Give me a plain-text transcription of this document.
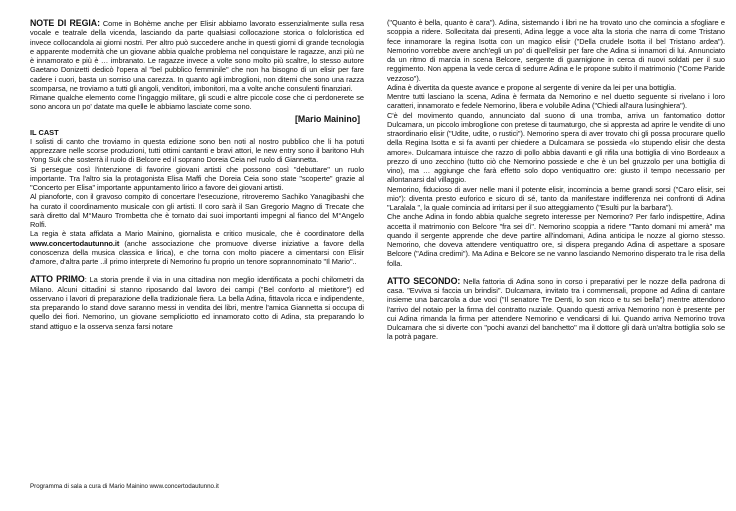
NOTE DI REGIA: Come in Bohème anche per Elisir abbiamo lavorato essenzialmente sulla resa vocale e teatrale della vicenda, lasciando da parte qualsiasi collocazione storica o folcloristica ed invece collocandola ai giorni nostri. Per altro può succedere anche in questi giorni di grande tecnologia e apparente modernità che un giovane abbia qualche problema nel conquistare le ragazze, anzi più ne è innamorato e più è … imbranato. Le ragazze invece a volte sono molto più scaltre, lo stesso autore Gaetano Donizetti dedicò l'opera al "bel pubblico femminile" che non ha bisogno di un elisir per fare cadere i cuori, basta un sorriso una carezza. In quanto agli imbroglioni, non ditemi che sono una razza scomparsa, ne troviamo a tutti gli angoli, venditori, imbonitori, ma a volte anche consulenti finanziari.

Rimane qualche elemento come l'ingaggio militare, gli scudi e altre piccole cose che ci perdonerete se sono ancora un po' datate ma quelle le abbiamo lasciate come sono.

[Mario Mainino]
IL CAST

I solisti di canto che troviamo in questa edizione sono ben noti al nostro pubblico che li ha potuti apprezzare nelle scorse produzioni, tutti ottimi cantanti e bravi attori, le new entry sono il baritono Huh Yong Suk che sosterrà il ruolo di Belcore ed il soprano Doreia Ceia nel ruolo di Giannetta.

Si persegue così l'intenzione di favorire giovani artisti che possono così "debuttare" un ruolo importante. Tra l'altro sia la protagonista Elisa Maffi che Doreia Ceia sono state "scoperte" grazie al "Concerto per Elisa" importante appuntamento lirico a favore dei giovani artisti.

Al pianoforte, con il gravoso compito di concertare l'esecuzione, ritroveremo Sachiko Yanagibashi che ha curato il coordinamento musicale con gli artisti. Il coro sarà il San Gregorio Magno di Trecate che sarà diretto dal M°Mauro Trombetta che è tornato dai suoi importanti impegni al fianco del M°Angelo Rolfi.

La regia è stata affidata a Mario Mainino, giornalista e critico musicale, che è coordinatore della www.concertodautunno.it (anche associazione che promuove diverse iniziative a favore della conoscenza della musica classica e lirica), e che torna con molto piacere a cimentarsi con Elisir d'amore, d'altra parte ..il primo interprete di Nemorino fu proprio un tenore soprannominato "Il Mario"..

ATTO PRIMO: La storia prende il via in una cittadina non meglio identificata a pochi chilometri da Milano. Alcuni cittadini si stanno riposando dal lavoro dei campi ("Bel conforto al mietitore") ed osservano i lavori di preparazione della tradizionale fiera. La bella Adina, fittavola ricca e indipendente, sta preparando lo stand dove saranno messi in vendita dei libri, mentre l'amica Giannetta si occupa di quello dei fiori. Nemorino, un giovane sempliciotto ed innamorato cotto di Adina, sta preparando lo stand attiguo e la osserva senza farsi notare

("Quanto è bella, quanto è cara"). Adina, sistemando i libri ne ha trovato uno che comincia a sfogliare e scoppia a ridere. Sollecitata dai presenti, Adina legge a voce alta la storia che narra di come Tristano fece innamorare la regina Isotta con un magico elisir ("Della crudele Isotta il bel Tristano ardea"). Nemorino vorrebbe avere anch'egli un po' di quell'elisir per fare che Adina si innamori di lui. Annunciato da un ritmo di marcia in scena Belcore, sergente di guarnigione in cerca di nuovi soldati per il suo reggimento. Non appena la vede cerca di sedurre Adina e le propone subito il matrimonio ("Come Paride vezzoso").

Adina è divertita da queste avance e propone al sergente di venire da lei per una bottiglia.

Mentre tutti lasciano la scena, Adina è fermata da Nemorino e nel duetto seguente si rivelano i loro caratteri, innamorato e fedele Nemorino, libera e volubile Adina ("Chiedi all'aura lusinghiera").

C'è del movimento quando, annunciato dal suono di una tromba, arriva un fantomatico dottor Dulcamara, un piccolo imbroglione con pretese di taumaturgo, che si appresta ad aprire le vendite di uno straordinario elisir ("Udite, udite, o rustici"). Nemorino spera di aver trovato chi gli possa procurare quello della Regina Isotta e si fa avanti per chiedere a Dulcamara se possieda «lo stupendo elisir che desta amore». Dulcamara intuisce che razzo di pollo abbia davanti e gli rifila una bottiglia di vino Bordeaux a prezzo di uno zecchino (tutto ciò che Nemorino possiede e che è un bel gruzzolo per una bottiglia di vino), ma … aggiunge che farà effetto solo dopo ventiquattro ore: giusto il tempo necessario per allontanarsi dal villaggio.

Nemorino, fiducioso di aver nelle mani il potente elisir, incomincia a berne grandi sorsi ("Caro elisir, sei mio"): diventa presto euforico e sicuro di sé, tanto da manifestare indifferenza nei confronti di Adina "Laralala ", la quale comincia ad irritarsi per il suo atteggiamento ("Esulti pur la barbara").

Che anche Adina in fondo abbia qualche segreto interesse per Nemorino? Per farlo indispettire, Adina accetta il matrimonio con Belcore "fra sei dì". Nemorino scoppia a ridere "Tanto domani mi amerà" ma quando il sergente apprende che deve partire all'indomani, Adina anticipa le nozze al giorno stesso. Nemorino, che doveva attendere ventiquattro ore, si dispera pregando Adina di aspettare a sposare Belcore ("Adina credimi"). Ma Adina e Belcore se ne vanno lasciando Nemorino disperato tra le risa della folla.

ATTO SECONDO: Nella fattoria di Adina sono in corso i preparativi per le nozze della padrona di casa. "Evviva si faccia un brindisi". Dulcamara, invitato tra i commensali, propone ad Adina di cantare insieme una barcarola a due voci ("Il senatore Tre Denti, lo son ricco e tu sei bella") mentre attendono l'arrivo del notaio per la firma del contratto nuziale. Quando questi arriva Nemorino non è presente per cui Adina rimanda la firma per attendere Nemorino e vendicarsi di lui. Quando arriva Nemorino trova Dulcamara che si diverte con "pochi avanzi del banchetto" ma il dottore gli darà un'altra bottiglia solo se la potrà pagare.

Programma di sala a cura di Mario Mainino www.concertodautunno.it
